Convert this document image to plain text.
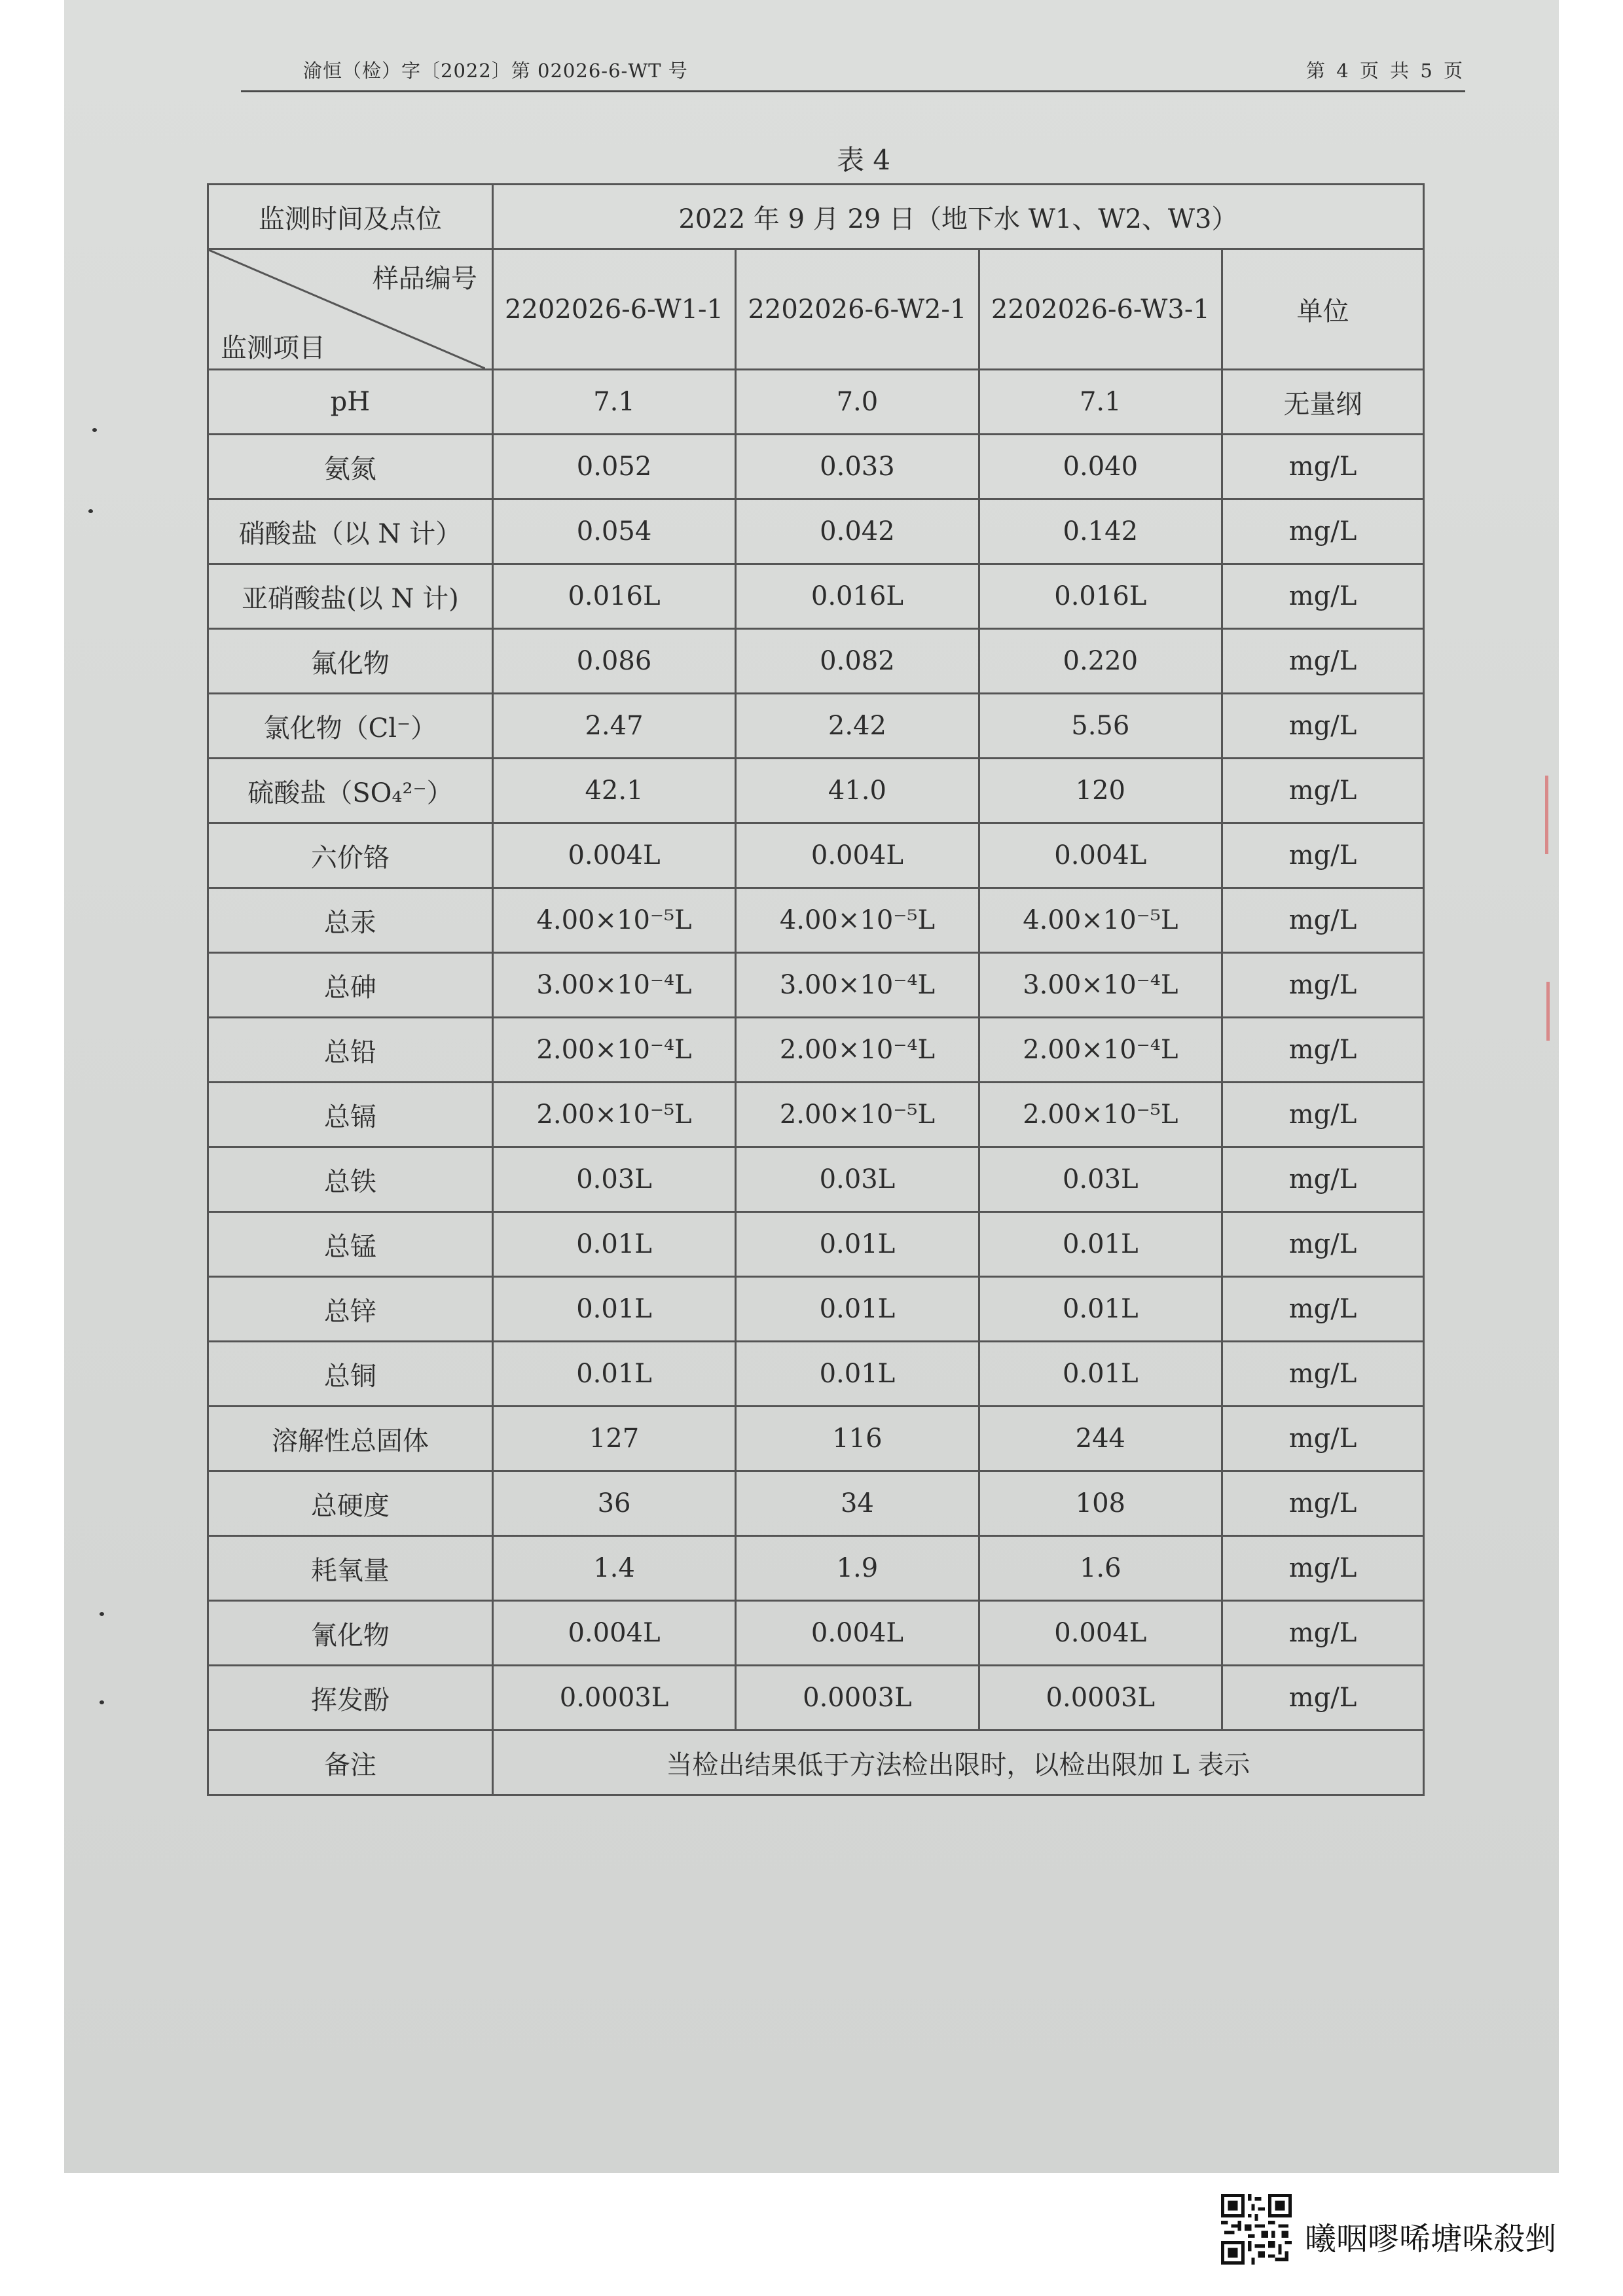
渝恒（检）字〔2022〕第 02026-6-WT 号	第 4 页 共 5 页
表 4
监测时间及点位	2022 年 9 月 29 日（地下水 W1、W2、W3）			

样品编号
监测项目	2202026-6-W1-1	2202026-6-W2-1	2202026-6-W3-1	单位
pH	7.1	7.0	7.1	无量纲
氨氮	0.052	0.033	0.040	mg/L
硝酸盐（以 N 计）	0.054	0.042	0.142	mg/L
亚硝酸盐(以 N 计)	0.016L	0.016L	0.016L	mg/L
氟化物	0.086	0.082	0.220	mg/L
氯化物（Cl⁻）	2.47	2.42	5.56	mg/L
硫酸盐（SO₄²⁻）	42.1	41.0	120	mg/L
六价铬	0.004L	0.004L	0.004L	mg/L
总汞	4.00×10⁻⁵L	4.00×10⁻⁵L	4.00×10⁻⁵L	mg/L
总砷	3.00×10⁻⁴L	3.00×10⁻⁴L	3.00×10⁻⁴L	mg/L
总铅	2.00×10⁻⁴L	2.00×10⁻⁴L	2.00×10⁻⁴L	mg/L
总镉	2.00×10⁻⁵L	2.00×10⁻⁵L	2.00×10⁻⁵L	mg/L
总铁	0.03L	0.03L	0.03L	mg/L
总锰	0.01L	0.01L	0.01L	mg/L
总锌	0.01L	0.01L	0.01L	mg/L
总铜	0.01L	0.01L	0.01L	mg/L
溶解性总固体	127	116	244	mg/L
总硬度	36	34	108	mg/L
耗氧量	1.4	1.9	1.6	mg/L
氰化物	0.004L	0.004L	0.004L	mg/L
挥发酚	0.0003L	0.0003L	0.0003L	mg/L
备注	当检出结果低于方法检出限时，以检出限加 L 表示			
曦咽嘐唏塘哚殺剉
